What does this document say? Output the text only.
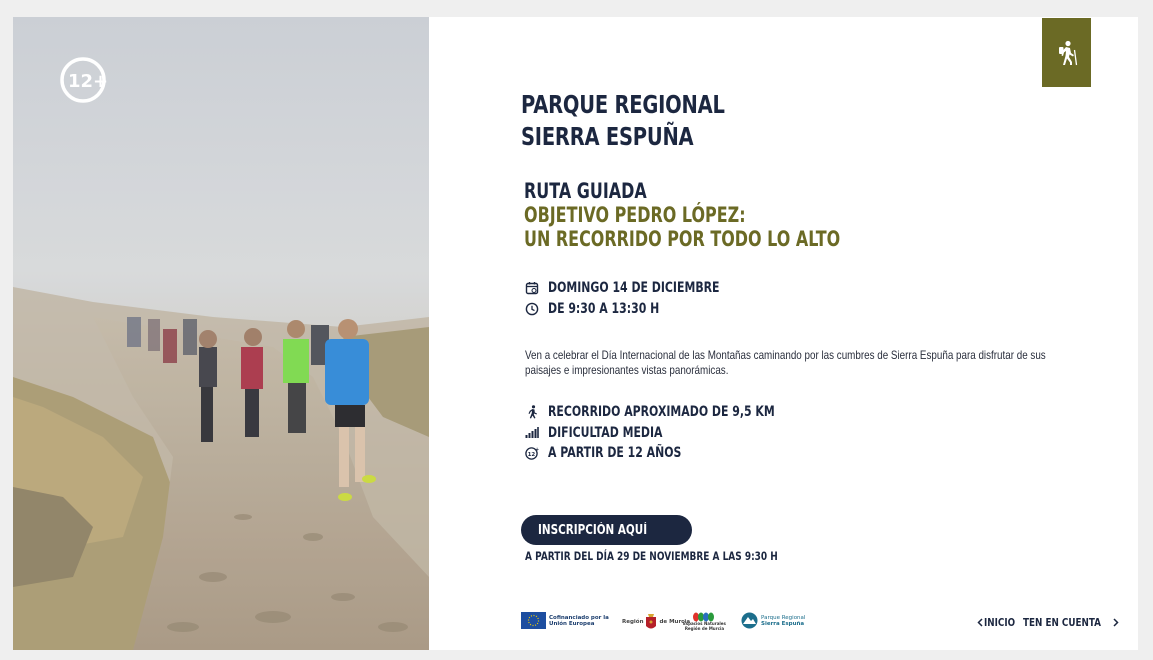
12+
PARQUE REGIONAL
SIERRA ESPUÑA
RUTA GUIADA
OBJETIVO PEDRO LÓPEZ:
UN RECORRIDO POR TODO LO ALTO
DOMINGO 14 DE DICIEMBRE
DE 9:30 A 13:30 H
Ven a celebrar el Día Internacional de las Montañas caminando por las cumbres de Sierra Espuña para disfrutar de sus paisajes e impresionantes vistas panorámicas.
RECORRIDO APROXIMADO DE 9,5 KM
DIFICULTAD MEDIA
12
+ A PARTIR DE 12 AÑOS
INSCRIPCIÓN AQUÍ
A PARTIR DEL DÍA 29 DE NOVIEMBRE A LAS 9:30 H
Cofinanciado por la
Unión Europea	Región	de Murcia
Espacios Naturales
Región de Murcia
Parque Regional
Sierra Espuña	INICIO TEN EN CUENTA
